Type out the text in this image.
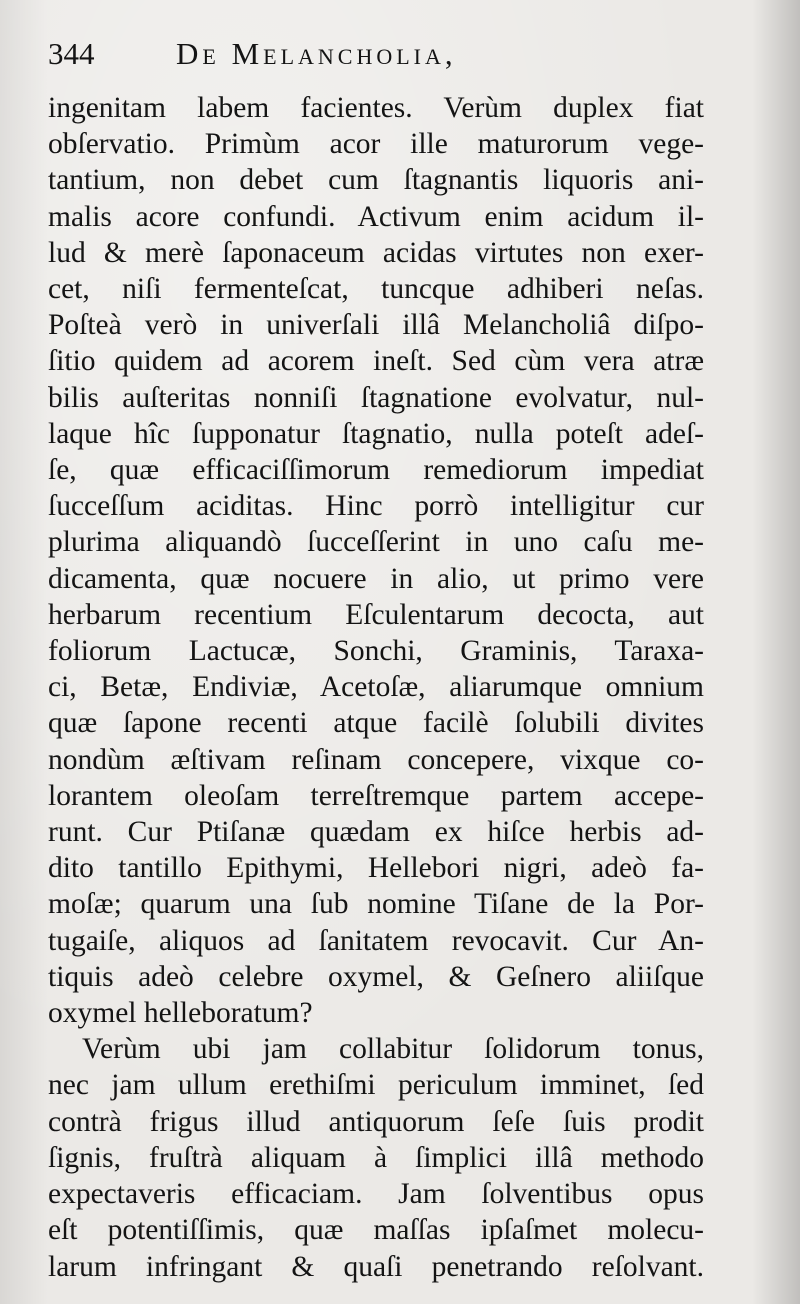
344	De Melancholia,
ingenitam labem facientes. Verùm duplex fiat
obſervatio. Primùm acor ille maturorum vege-
tantium, non debet cum ſtagnantis liquoris ani-
malis acore confundi. Activum enim acidum il-
lud & merè ſaponaceum acidas virtutes non exer-
cet, niſi fermenteſcat, tuncque adhiberi neſas.
Poſteà verò in univerſali illâ Melancholiâ diſpo-
ſitio quidem ad acorem ineſt. Sed cùm vera atræ
bilis auſteritas nonniſi ſtagnatione evolvatur, nul-
laque hîc ſupponatur ſtagnatio, nulla poteſt adeſ-
ſe, quæ efficaciſſimorum remediorum impediat
ſucceſſum aciditas. Hinc porrò intelligitur cur
plurima aliquandò ſucceſſerint in uno caſu me-
dicamenta, quæ nocuere in alio, ut primo vere
herbarum recentium Eſculentarum decocta, aut
foliorum Lactucæ, Sonchi, Graminis, Taraxa-
ci, Betæ, Endiviæ, Acetoſæ, aliarumque omnium
quæ ſapone recenti atque facilè ſolubili divites
nondùm æſtivam reſinam concepere, vixque co-
lorantem oleoſam terreſtremque partem accepe-
runt. Cur Ptiſanæ quædam ex hiſce herbis ad-
dito tantillo Epithymi, Hellebori nigri, adeò fa-
moſæ; quarum una ſub nomine Tiſane de la Por-
tugaiſe, aliquos ad ſanitatem revocavit. Cur An-
tiquis adeò celebre oxymel, & Geſnero aliiſque
oxymel helleboratum?
Verùm ubi jam collabitur ſolidorum tonus,
nec jam ullum erethiſmi periculum imminet, ſed
contrà frigus illud antiquorum ſeſe ſuis prodit
ſignis, fruſtrà aliquam à ſimplici illâ methodo
expectaveris efficaciam. Jam ſolventibus opus
eſt potentiſſimis, quæ maſſas ipſaſmet molecu-
larum infringant & quaſi penetrando reſolvant.
